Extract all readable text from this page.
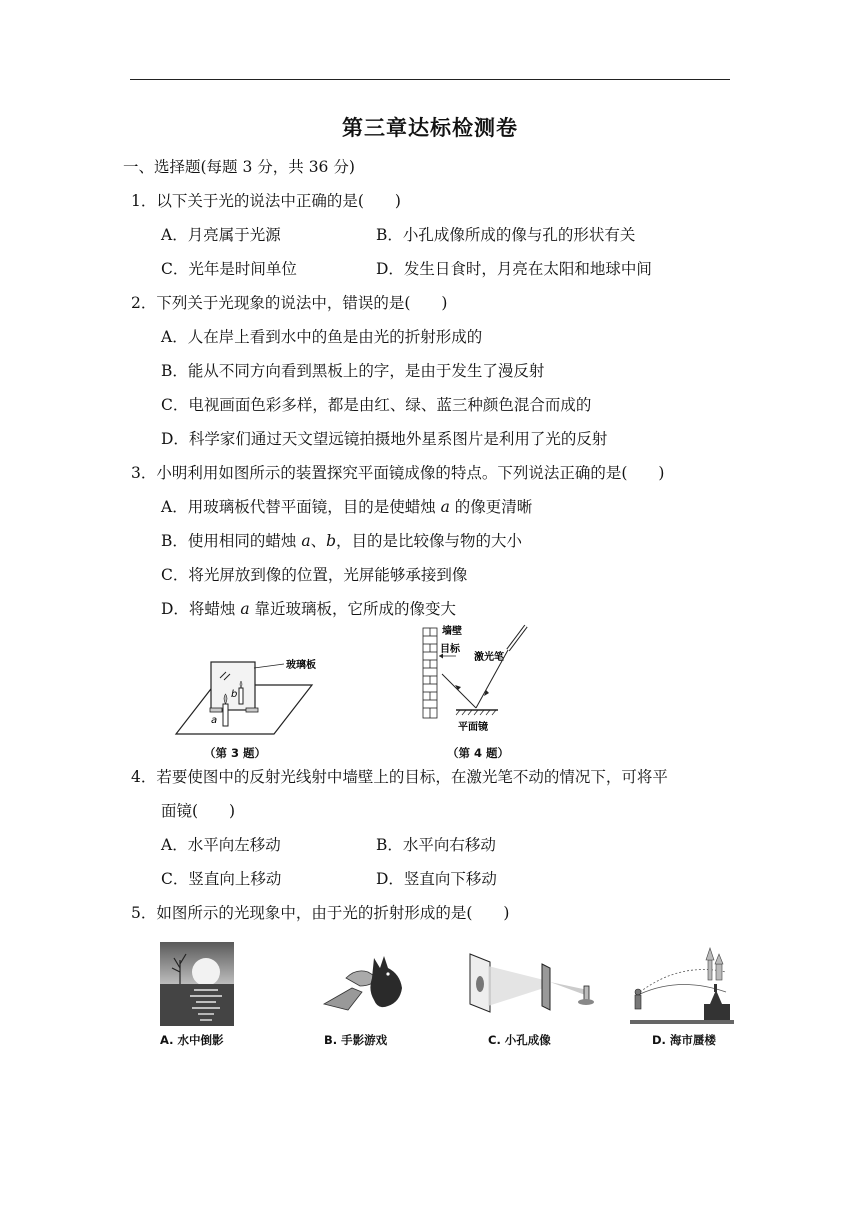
第三章达标检测卷
一、选择题(每题 3 分，共 36 分)
1．以下关于光的说法中正确的是(　　)
A．月亮属于光源	B．小孔成像所成的像与孔的形状有关
C．光年是时间单位	D．发生日食时，月亮在太阳和地球中间
2．下列关于光现象的说法中，错误的是(　　)
A．人在岸上看到水中的鱼是由光的折射形成的
B．能从不同方向看到黑板上的字，是由于发生了漫反射
C．电视画面色彩多样，都是由红、绿、蓝三种颜色混合而成的
D．科学家们通过天文望远镜拍摄地外星系图片是利用了光的反射
3．小明利用如图所示的装置探究平面镜成像的特点。下列说法正确的是(　　)
A．用玻璃板代替平面镜，目的是使蜡烛 a 的像更清晰
B．使用相同的蜡烛 a、b，目的是比较像与物的大小
C．将光屏放到像的位置，光屏能够承接到像
D．将蜡烛 a 靠近玻璃板，它所成的像变大
玻璃板
a
b
（第 3 题）
墙壁
目标
激光笔
平面镜
（第 4 题）
4．若要使图中的反射光线射中墙壁上的目标，在激光笔不动的情况下，可将平
面镜(　　)
A．水平向左移动	B．水平向右移动
C．竖直向上移动	D．竖直向下移动
5．如图所示的光现象中，由于光的折射形成的是(　　)
A. 水中倒影	B. 手影游戏	C. 小孔成像	D. 海市蜃楼
